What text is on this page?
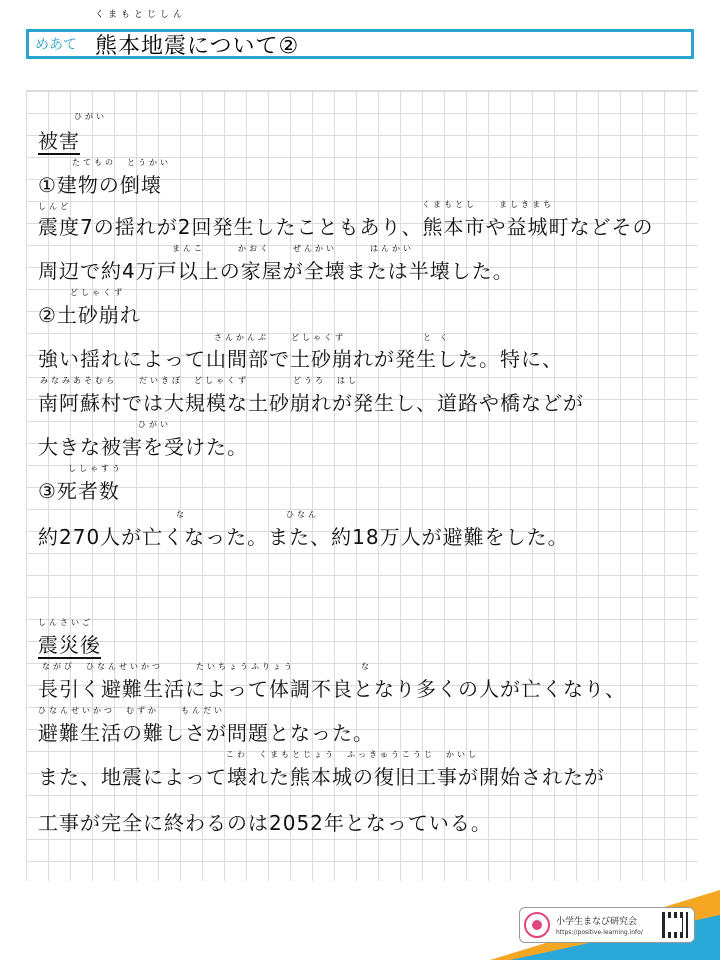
めあて
くまもとじしん
熊本地震について②
ひがい
被害
たてもの　とうかい
①建物の倒壊
しんど	くまもとし　　ましきまち
震度7の揺れが2回発生したこともあり、熊本市や益城町などその
まんこ　　　かおく　　ぜんかい　　　はんかい
周辺で約4万戸以上の家屋が全壊または半壊した。
どしゃくず
②土砂崩れ
さんかんぶ　　どしゃくず　　　　　　　と く
強い揺れによって山間部で土砂崩れが発生した。特に、
みなみあそむら　　だいきぼ　どしゃくず　　　　どうろ　はし
南阿蘇村では大規模な土砂崩れが発生し、道路や橋などが
ひがい
大きな被害を受けた。
ししゃすう
③死者数
な　　　　　　　　　ひなん
約270人が亡くなった。また、約18万人が避難をした。
しんさいご
震災後
ながび　ひなんせいかつ　　　たいちょうふりょう　　　　　　な
長引く避難生活によって体調不良となり多くの人が亡くなり、
ひなんせいかつ　むずか　　もんだい
避難生活の難しさが問題となった。
こわ　くまもとじょう　ふっきゅうこうじ　かいし
また、地震によって壊れた熊本城の復旧工事が開始されたが
工事が完全に終わるのは2052年となっている。
小学生まなび研究会
https://positive-learning.info/
